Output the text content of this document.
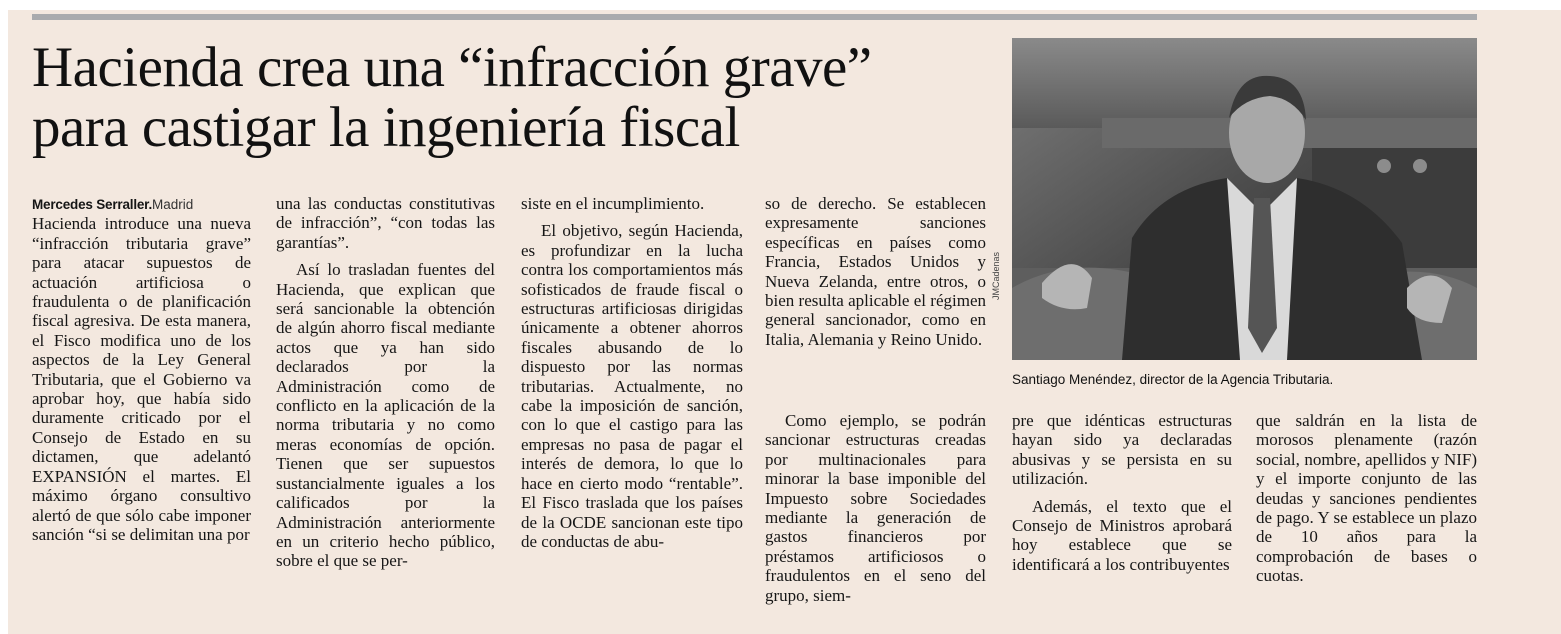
Hacienda crea una “infracción grave”
para castigar la ingeniería fiscal
Mercedes Serraller.Madrid

Hacienda introduce una nueva “infracción tributaria grave” para atacar supuestos de actuación artificiosa o fraudulenta o de planificación fiscal agresiva. De esta manera, el Fisco modifica uno de los aspectos de la Ley General Tributaria, que el Gobierno va aprobar hoy, que había sido duramente criticado por el Consejo de Estado en su dictamen, que adelantó EXPANSIÓN el martes. El máximo órgano consultivo alertó de que sólo cabe imponer sanción “si se delimitan una por

una las conductas constitutivas de infracción”, “con todas las garantías”.

Así lo trasladan fuentes del Hacienda, que explican que será sancionable la obtención de algún ahorro fiscal mediante actos que ya han sido declarados por la Administración como de conflicto en la aplicación de la norma tributaria y no como meras economías de opción. Tienen que ser supuestos sustancialmente iguales a los calificados por la Administración anteriormente en un criterio hecho público, sobre el que se per-

siste en el incumplimiento.

El objetivo, según Hacienda, es profundizar en la lucha contra los comportamientos más sofisticados de fraude fiscal o estructuras artificiosas dirigidas únicamente a obtener ahorros fiscales abusando de lo dispuesto por las normas tributarias. Actualmente, no cabe la imposición de sanción, con lo que el castigo para las empresas no pasa de pagar el interés de demora, lo que lo hace en cierto modo “rentable”. El Fisco traslada que los países de la OCDE sancionan este tipo de conductas de abu-

so de derecho. Se establecen expresamente sanciones específicas en países como Francia, Estados Unidos y Nueva Zelanda, entre otros, o bien resulta aplicable el régimen general sancionador, como en Italia, Alemania y Reino Unido.

Como ejemplo, se podrán sancionar estructuras creadas por multinacionales para minorar la base imponible del Impuesto sobre Sociedades mediante la generación de gastos financieros por préstamos artificiosos o fraudulentos en el seno del grupo, siem-

pre que idénticas estructuras hayan sido ya declaradas abusivas y se persista en su utilización.

Además, el texto que el Consejo de Ministros aprobará hoy establece que se identificará a los contribuyentes

que saldrán en la lista de morosos plenamente (razón social, nombre, apellidos y NIF) y el importe conjunto de las deudas y sanciones pendientes de pago. Y se establece un plazo de 10 años para la comprobación de bases o cuotas.

JMCadenas
Santiago Menéndez, director de la Agencia Tributaria.
